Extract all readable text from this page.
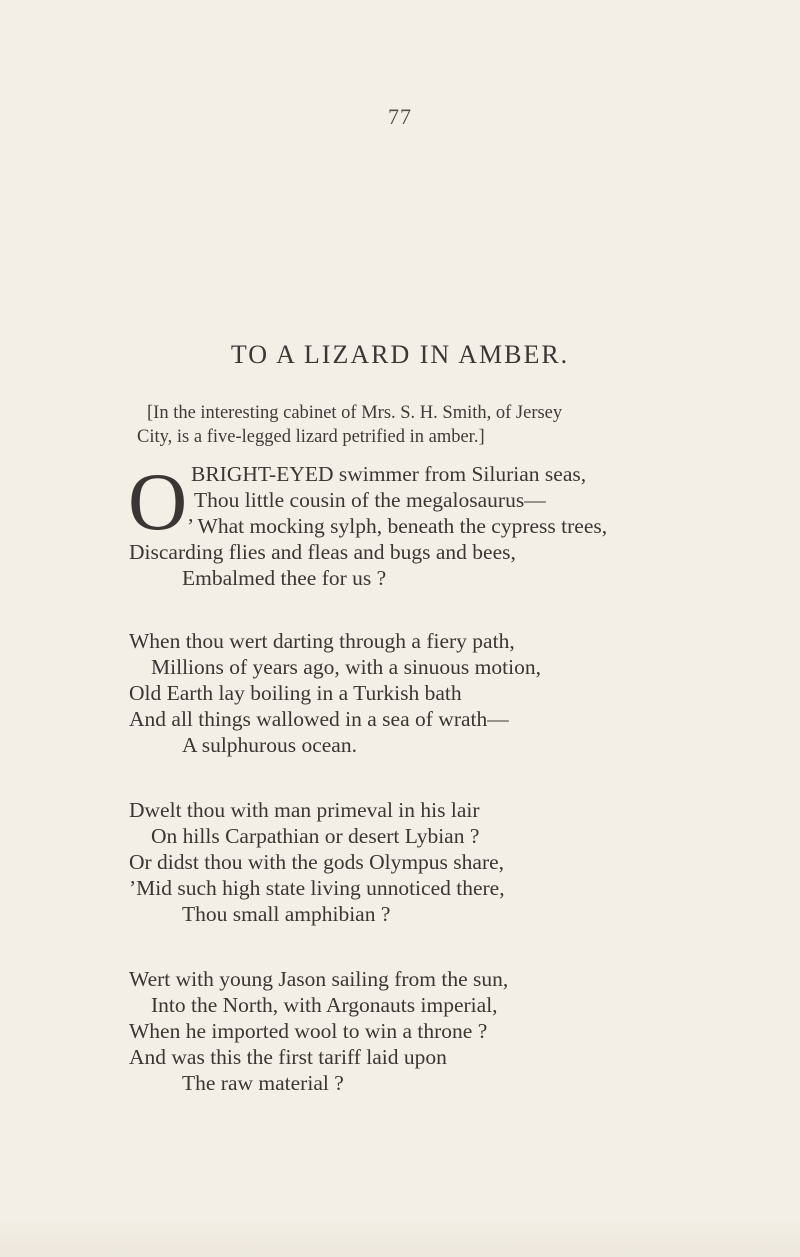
77
TO A LIZARD IN AMBER.
[In the interesting cabinet of Mrs. S. H. Smith, of Jersey
City, is a five-legged lizard petrified in amber.]
O BRIGHT-EYED swimmer from Silurian seas,
Thou little cousin of the megalosaurus—
’ What mocking sylph, beneath the cypress trees,
Discarding flies and fleas and bugs and bees,
Embalmed thee for us ?
When thou wert darting through a fiery path,
Millions of years ago, with a sinuous motion,
Old Earth lay boiling in a Turkish bath
And all things wallowed in a sea of wrath—
A sulphurous ocean.
Dwelt thou with man primeval in his lair
On hills Carpathian or desert Lybian ?
Or didst thou with the gods Olympus share,
’Mid such high state living unnoticed there,
Thou small amphibian ?
Wert with young Jason sailing from the sun,
Into the North, with Argonauts imperial,
When he imported wool to win a throne ?
And was this the first tariff laid upon
The raw material ?
